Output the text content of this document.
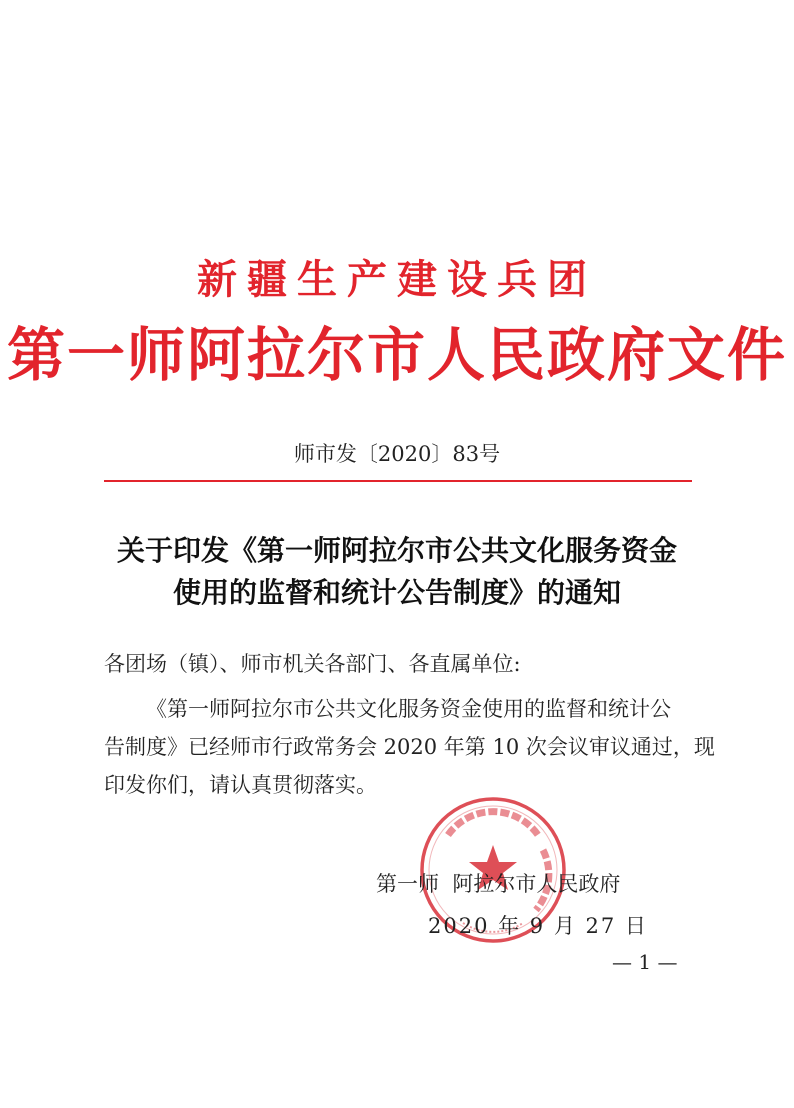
新疆生产建设兵团
第一师阿拉尔市人民政府文件
师市发〔2020〕83号
关于印发《第一师阿拉尔市公共文化服务资金
使用的监督和统计公告制度》的通知
各团场（镇）、师市机关各部门、各直属单位:
《第一师阿拉尔市公共文化服务资金使用的监督和统计公
告制度》已经师市行政常务会 2020 年第 10 次会议审议通过，现
印发你们，请认真贯彻落实。
第一师  阿拉尔市人民政府
2020 年 9 月 27 日
— 1 —
